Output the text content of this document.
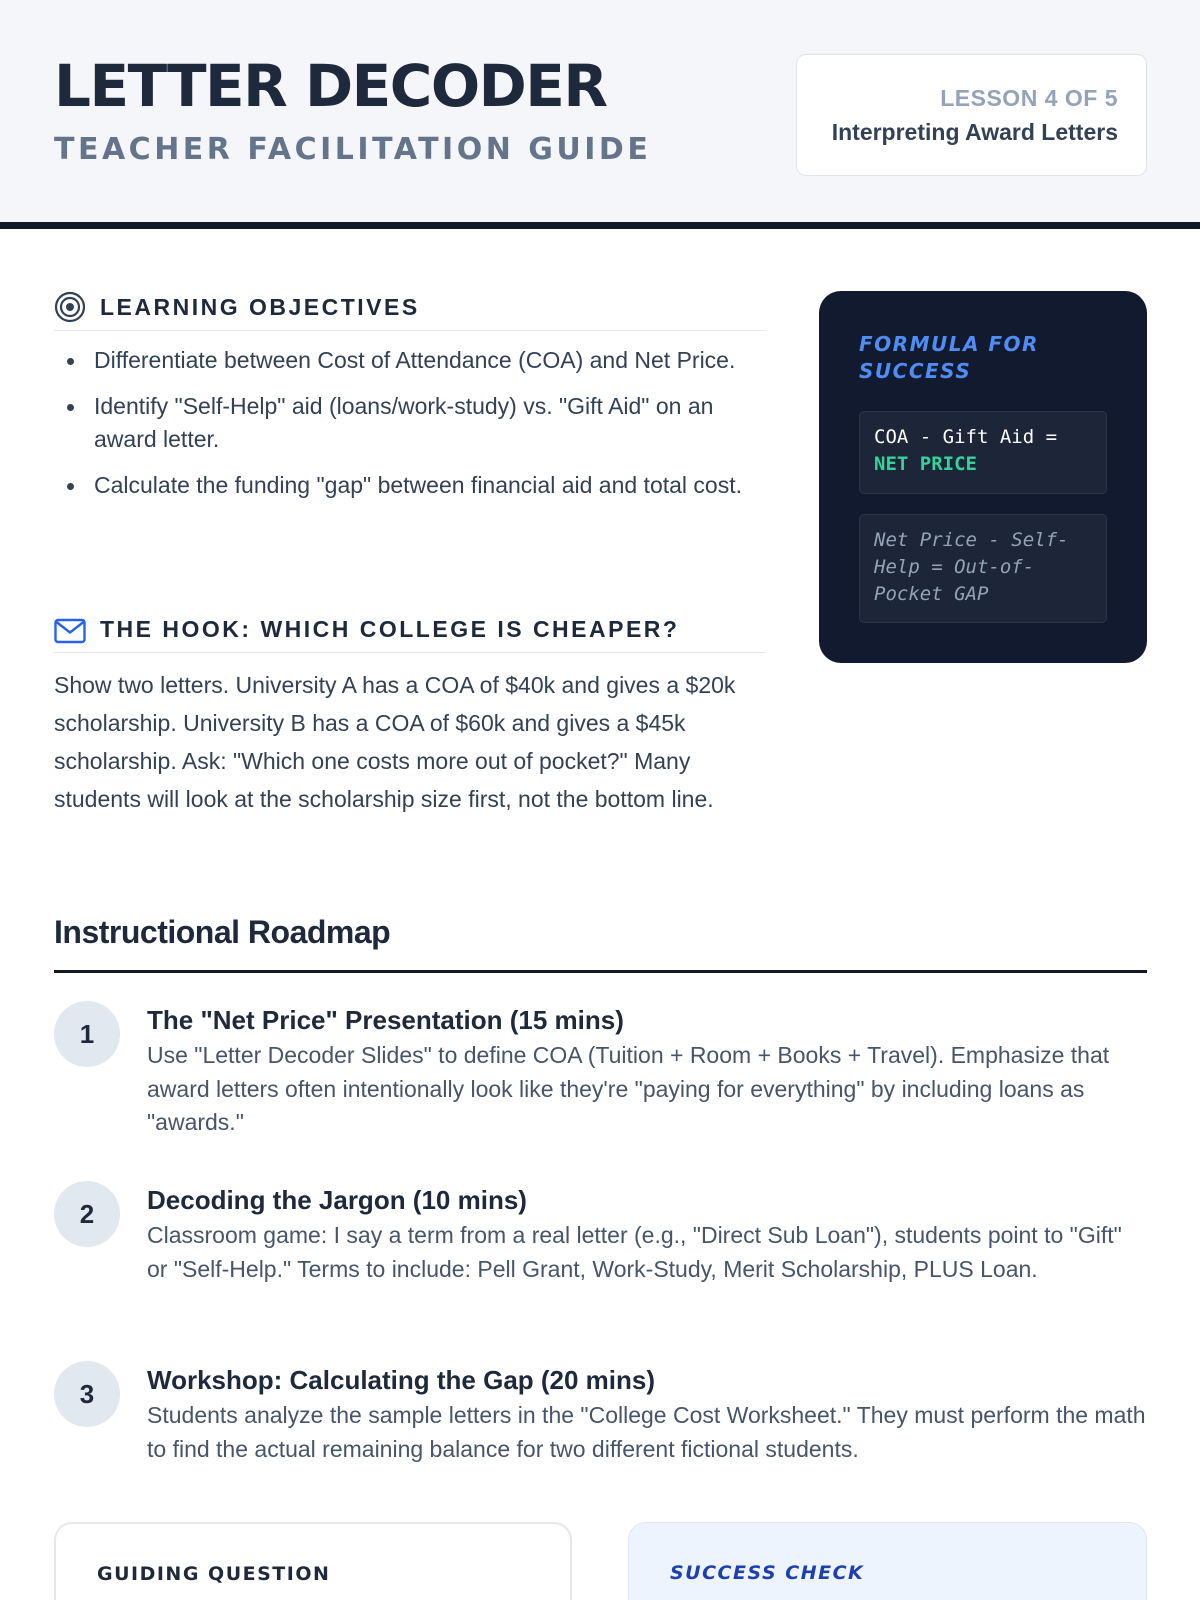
LETTER DECODER
TEACHER FACILITATION GUIDE
LESSON 4 OF 5
Interpreting Award Letters
LEARNING OBJECTIVES
Differentiate between Cost of Attendance (COA) and Net Price.
Identify "Self-Help" aid (loans/work-study) vs. "Gift Aid" on an award letter.
Calculate the funding "gap" between financial aid and total cost.
THE HOOK: WHICH COLLEGE IS CHEAPER?

Show two letters. University A has a COA of $40k and gives a $20k scholarship. University B has a COA of $60k and gives a $45k scholarship. Ask: "Which one costs more out of pocket?" Many students will look at the scholarship size first, not the bottom line.

FORMULA FOR SUCCESS
COA - Gift Aid =
NET PRICE
Net Price - Self-Help = Out-of-Pocket GAP
Instructional Roadmap
1	The "Net Price" Presentation (15 mins)
Use "Letter Decoder Slides" to define COA (Tuition + Room + Books + Travel). Emphasize that award letters often intentionally look like they're "paying for everything" by including loans as "awards."
2	Decoding the Jargon (10 mins)
Classroom game: I say a term from a real letter (e.g., "Direct Sub Loan"), students point to "Gift" or "Self-Help." Terms to include: Pell Grant, Work-Study, Merit Scholarship, PLUS Loan.
3	Workshop: Calculating the Gap (20 mins)
Students analyze the sample letters in the "College Cost Worksheet." They must perform the math to find the actual remaining balance for two different fictional students.
GUIDING QUESTION	SUCCESS CHECK
